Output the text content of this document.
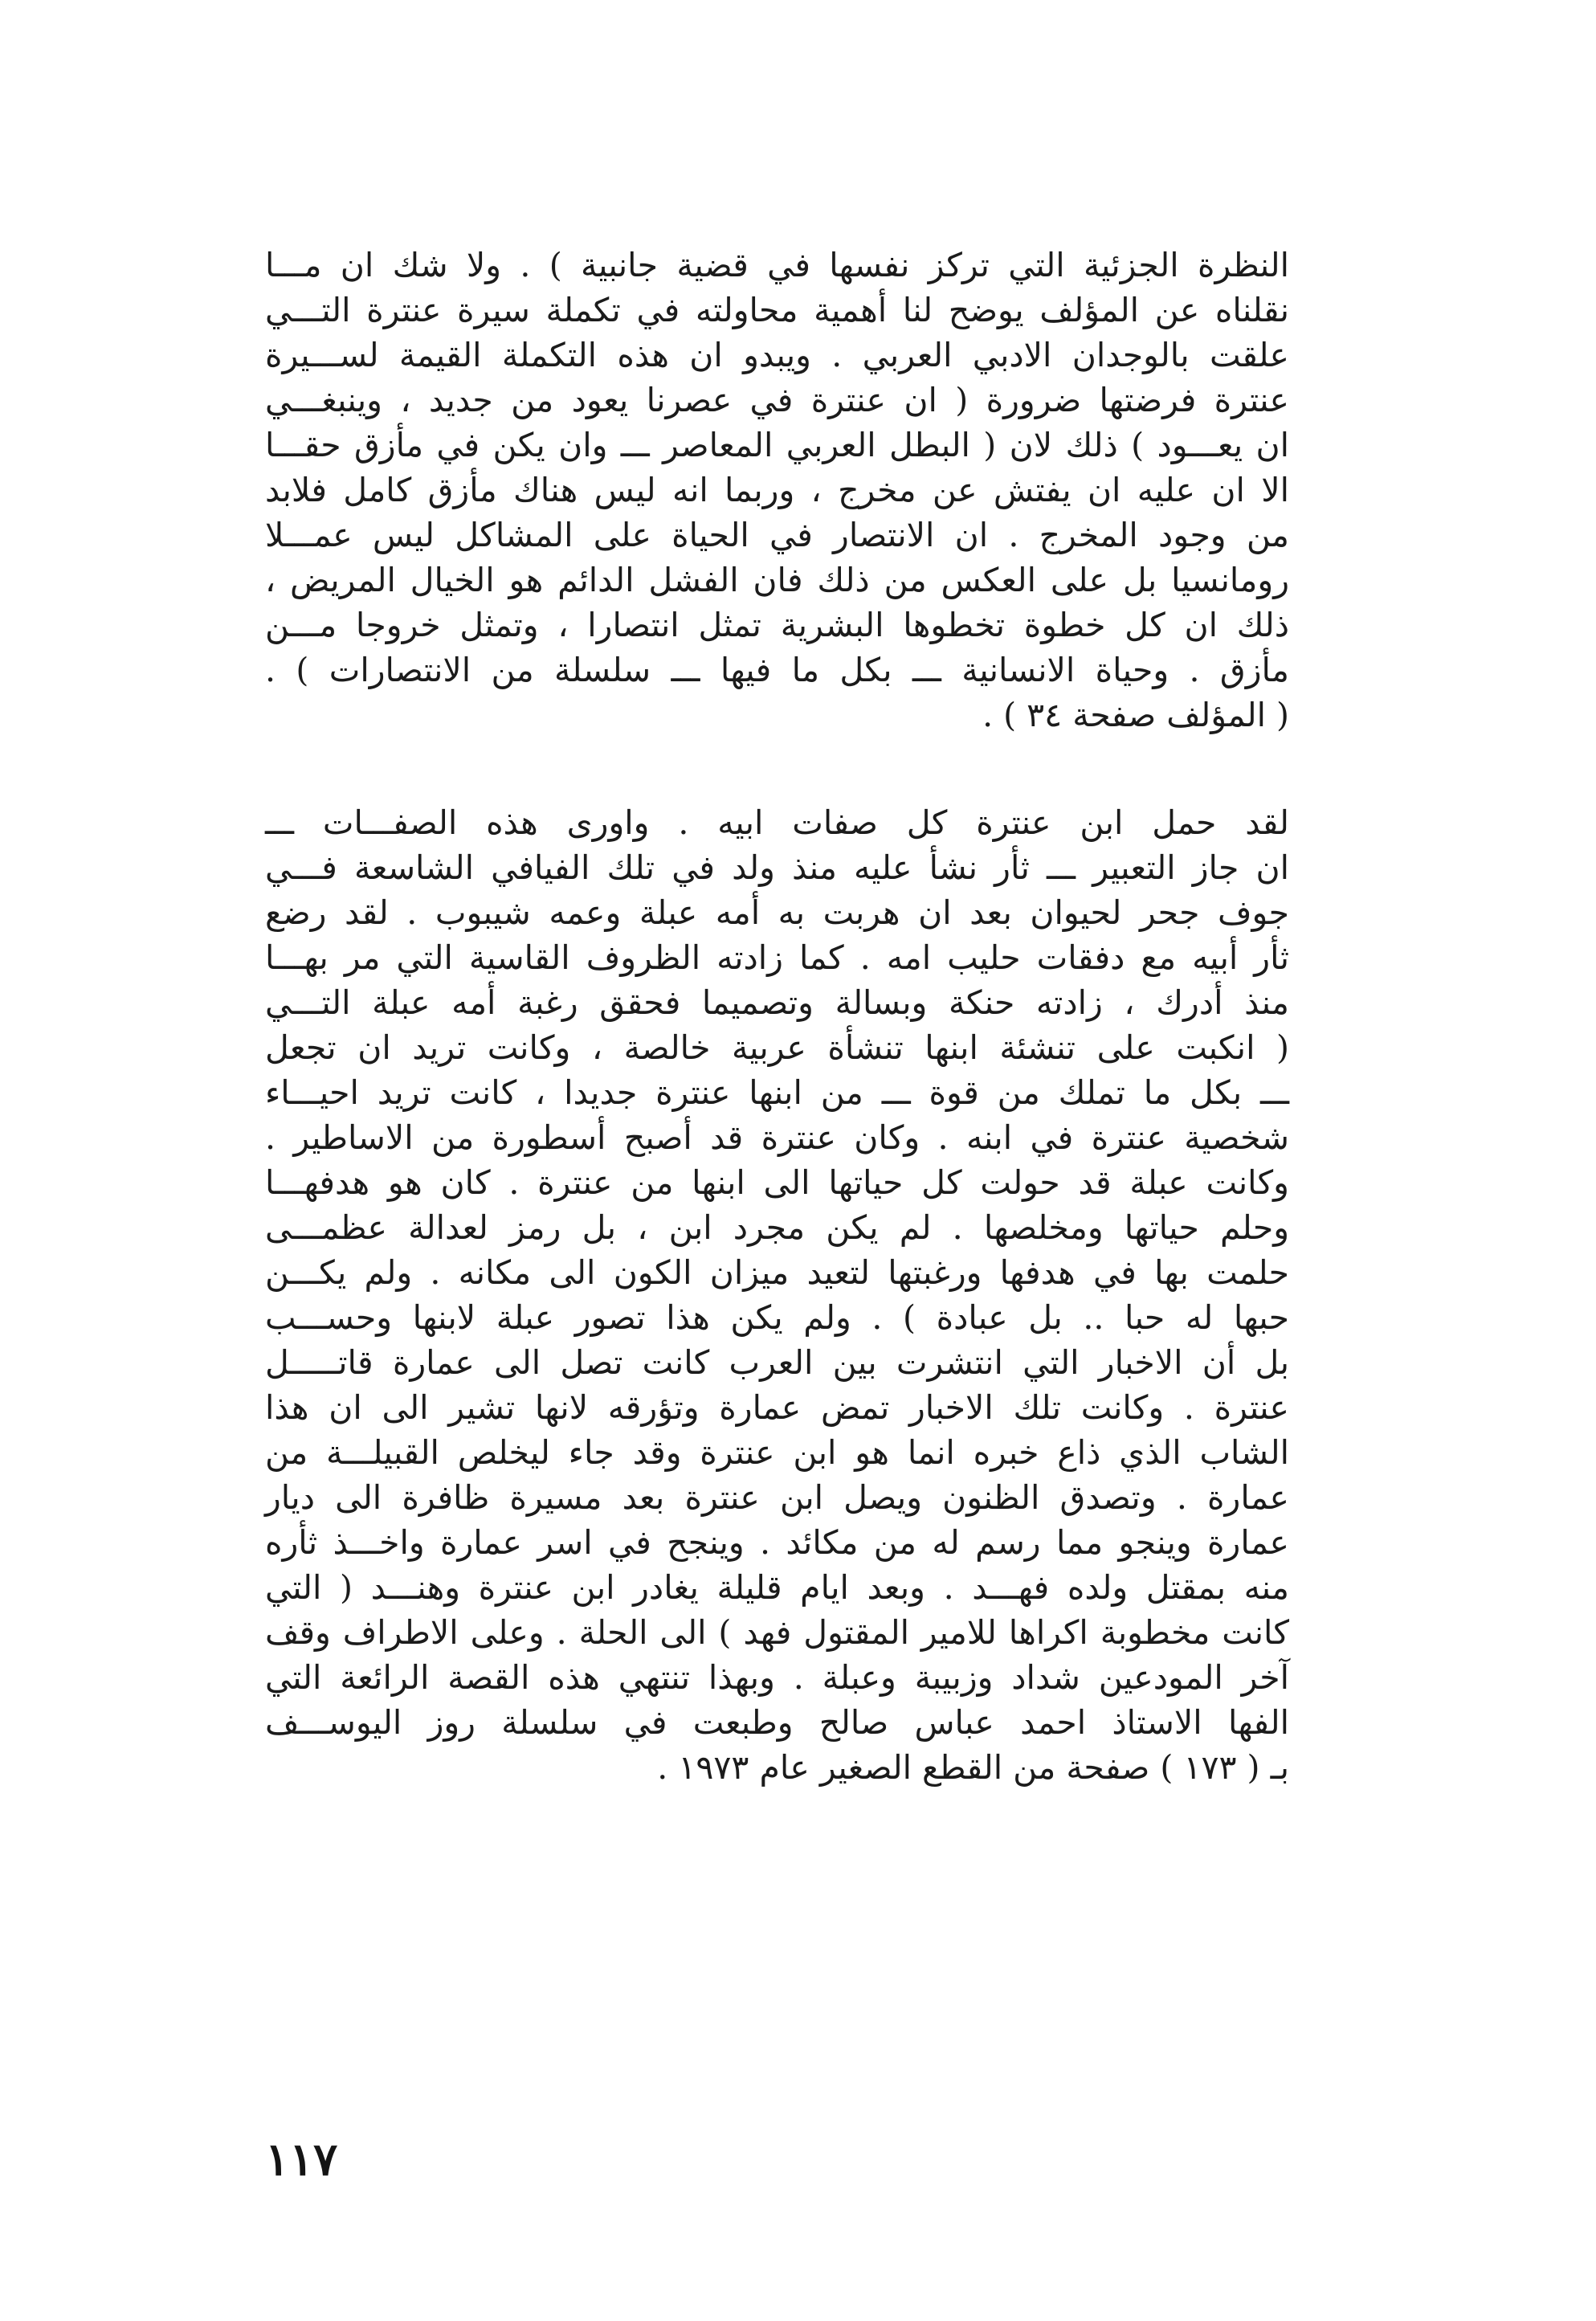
النظرة الجزئية التي تركز نفسها في قضية جانبية ) . ولا شك ان مـــا
نقلناه عن المؤلف يوضح لنا أهمية محاولته في تكملة سيرة عنترة التـــي
علقت بالوجدان الادبي العربي . ويبدو ان هذه التكملة القيمة لســـيرة
عنترة فرضتها ضرورة ( ان عنترة في عصرنا يعود من جديد ، وينبغـــي
ان يعـــود ) ذلك لان ( البطل العربي المعاصر ـــ وان يكن في مأزق حقـــا
الا ان عليه ان يفتش عن مخرج ، وربما انه ليس هناك مأزق كامل فلابد
من وجود المخرج . ان الانتصار في الحياة على المشاكل ليس عمـــلا
رومانسيا بل على العكس من ذلك فان الفشل الدائم هو الخيال المريض ،
ذلك ان كل خطوة تخطوها البشرية تمثل انتصارا ، وتمثل خروجا مـــن
مأزق . وحياة الانسانية ـــ بكل ما فيها ـــ سلسلة من الانتصارات ) .
( المؤلف صفحة ٣٤ ) .
لقد حمل ابن عنترة كل صفات ابيه . واورى هذه الصفـــات ـــ
ان جاز التعبير ـــ ثأر نشأ عليه منذ ولد في تلك الفيافي الشاسعة فـــي
جوف جحر لحيوان بعد ان هربت به أمه عبلة وعمه شيبوب . لقد رضع
ثأر أبيه مع دفقات حليب امه . كما زادته الظروف القاسية التي مر بهـــا
منذ أدرك ، زادته حنكة وبسالة وتصميما فحقق رغبة أمه عبلة التـــي
( انكبت على تنشئة ابنها تنشأة عربية خالصة ، وكانت تريد ان تجعل
ـــ بكل ما تملك من قوة ـــ من ابنها عنترة جديدا ، كانت تريد احيـــاء
شخصية عنترة في ابنه . وكان عنترة قد أصبح أسطورة من الاساطير .
وكانت عبلة قد حولت كل حياتها الى ابنها من عنترة . كان هو هدفهـــا
وحلم حياتها ومخلصها . لم يكن مجرد ابن ، بل رمز لعدالة عظمـــى
حلمت بها في هدفها ورغبتها لتعيد ميزان الكون الى مكانه . ولم يكـــن
حبها له حبا .. بل عبادة ) . ولم يكن هذا تصور عبلة لابنها وحســـب
بل أن الاخبار التي انتشرت بين العرب كانت تصل الى عمارة قاتـــــل
عنترة . وكانت تلك الاخبار تمض عمارة وتؤرقه لانها تشير الى ان هذا
الشاب الذي ذاع خبره انما هو ابن عنترة وقد جاء ليخلص القبيلـــة من
عمارة . وتصدق الظنون ويصل ابن عنترة بعد مسيرة ظافرة الى ديار
عمارة وينجو مما رسم له من مكائد . وينجح في اسر عمارة واخـــذ ثأره
منه بمقتل ولده فهـــد . وبعد ايام قليلة يغادر ابن عنترة وهنـــد ( التي
كانت مخطوبة اكراها للامير المقتول فهد ) الى الحلة . وعلى الاطراف وقف
آخر المودعين شداد وزبيبة وعبلة . وبهذا تنتهي هذه القصة الرائعة التي
الفها الاستاذ احمد عباس صالح وطبعت في سلسلة روز اليوســـف
بـ ( ١٧٣ ) صفحة من القطع الصغير عام ١٩٧٣ .
١١٧
